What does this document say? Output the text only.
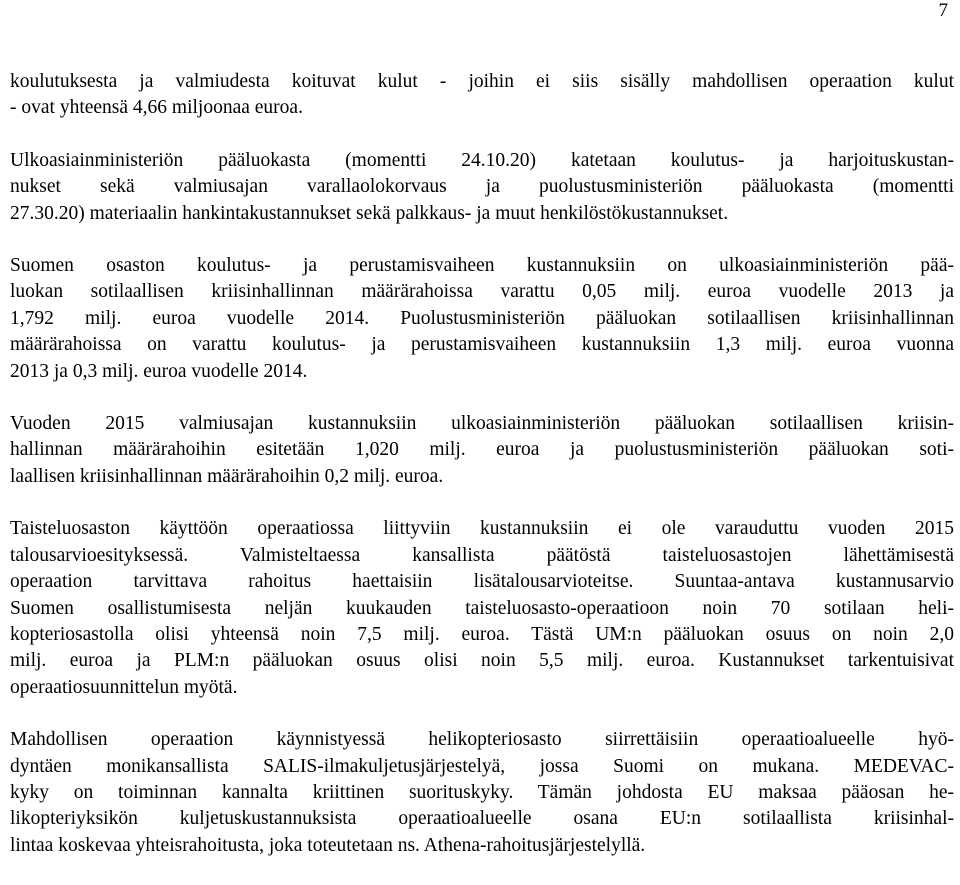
7

koulutuksesta ja valmiudesta koituvat kulut - joihin ei siis sisälly mahdollisen operaation kulut
- ovat yhteensä 4,66 miljoonaa euroa.

Ulkoasiainministeriön pääluokasta (momentti 24.10.20) katetaan koulutus- ja harjoituskustan-
nukset sekä valmiusajan varallaolokorvaus ja puolustusministeriön pääluokasta (momentti
27.30.20) materiaalin hankintakustannukset sekä palkkaus- ja muut henkilöstökustannukset.

Suomen osaston koulutus- ja perustamisvaiheen kustannuksiin on ulkoasiainministeriön pää-
luokan sotilaallisen kriisinhallinnan määrärahoissa varattu 0,05 milj. euroa vuodelle 2013 ja
1,792 milj. euroa vuodelle 2014. Puolustusministeriön pääluokan sotilaallisen kriisinhallinnan
määrärahoissa on varattu koulutus- ja perustamisvaiheen kustannuksiin 1,3 milj. euroa vuonna
2013 ja 0,3 milj. euroa vuodelle 2014.

Vuoden 2015 valmiusajan kustannuksiin ulkoasiainministeriön pääluokan sotilaallisen kriisin-
hallinnan määrärahoihin esitetään 1,020 milj. euroa ja puolustusministeriön pääluokan soti-
laallisen kriisinhallinnan määrärahoihin 0,2 milj. euroa.

Taisteluosaston käyttöön operaatiossa liittyviin kustannuksiin ei ole varauduttu vuoden 2015
talousarvioesityksessä. Valmisteltaessa kansallista päätöstä taisteluosastojen lähettämisestä
operaation tarvittava rahoitus haettaisiin lisätalousarvioteitse. Suuntaa-antava kustannusarvio
Suomen osallistumisesta neljän kuukauden taisteluosasto-operaatioon noin 70 sotilaan heli-
kopteriosastolla olisi yhteensä noin 7,5 milj. euroa. Tästä UM:n pääluokan osuus on noin 2,0
milj. euroa ja PLM:n pääluokan osuus olisi noin 5,5 milj. euroa. Kustannukset tarkentuisivat
operaatiosuunnittelun myötä.

Mahdollisen operaation käynnistyessä helikopteriosasto siirrettäisiin operaatioalueelle hyö-
dyntäen monikansallista SALIS-ilmakuljetusjärjestelyä, jossa Suomi on mukana. MEDEVAC-
kyky on toiminnan kannalta kriittinen suorituskyky. Tämän johdosta EU maksaa pääosan he-
likopteriyksikön kuljetuskustannuksista operaatioalueelle osana EU:n sotilaallista kriisinhal-
lintaa koskevaa yhteisrahoitusta, joka toteutetaan ns. Athena-rahoitusjärjestelyllä.
